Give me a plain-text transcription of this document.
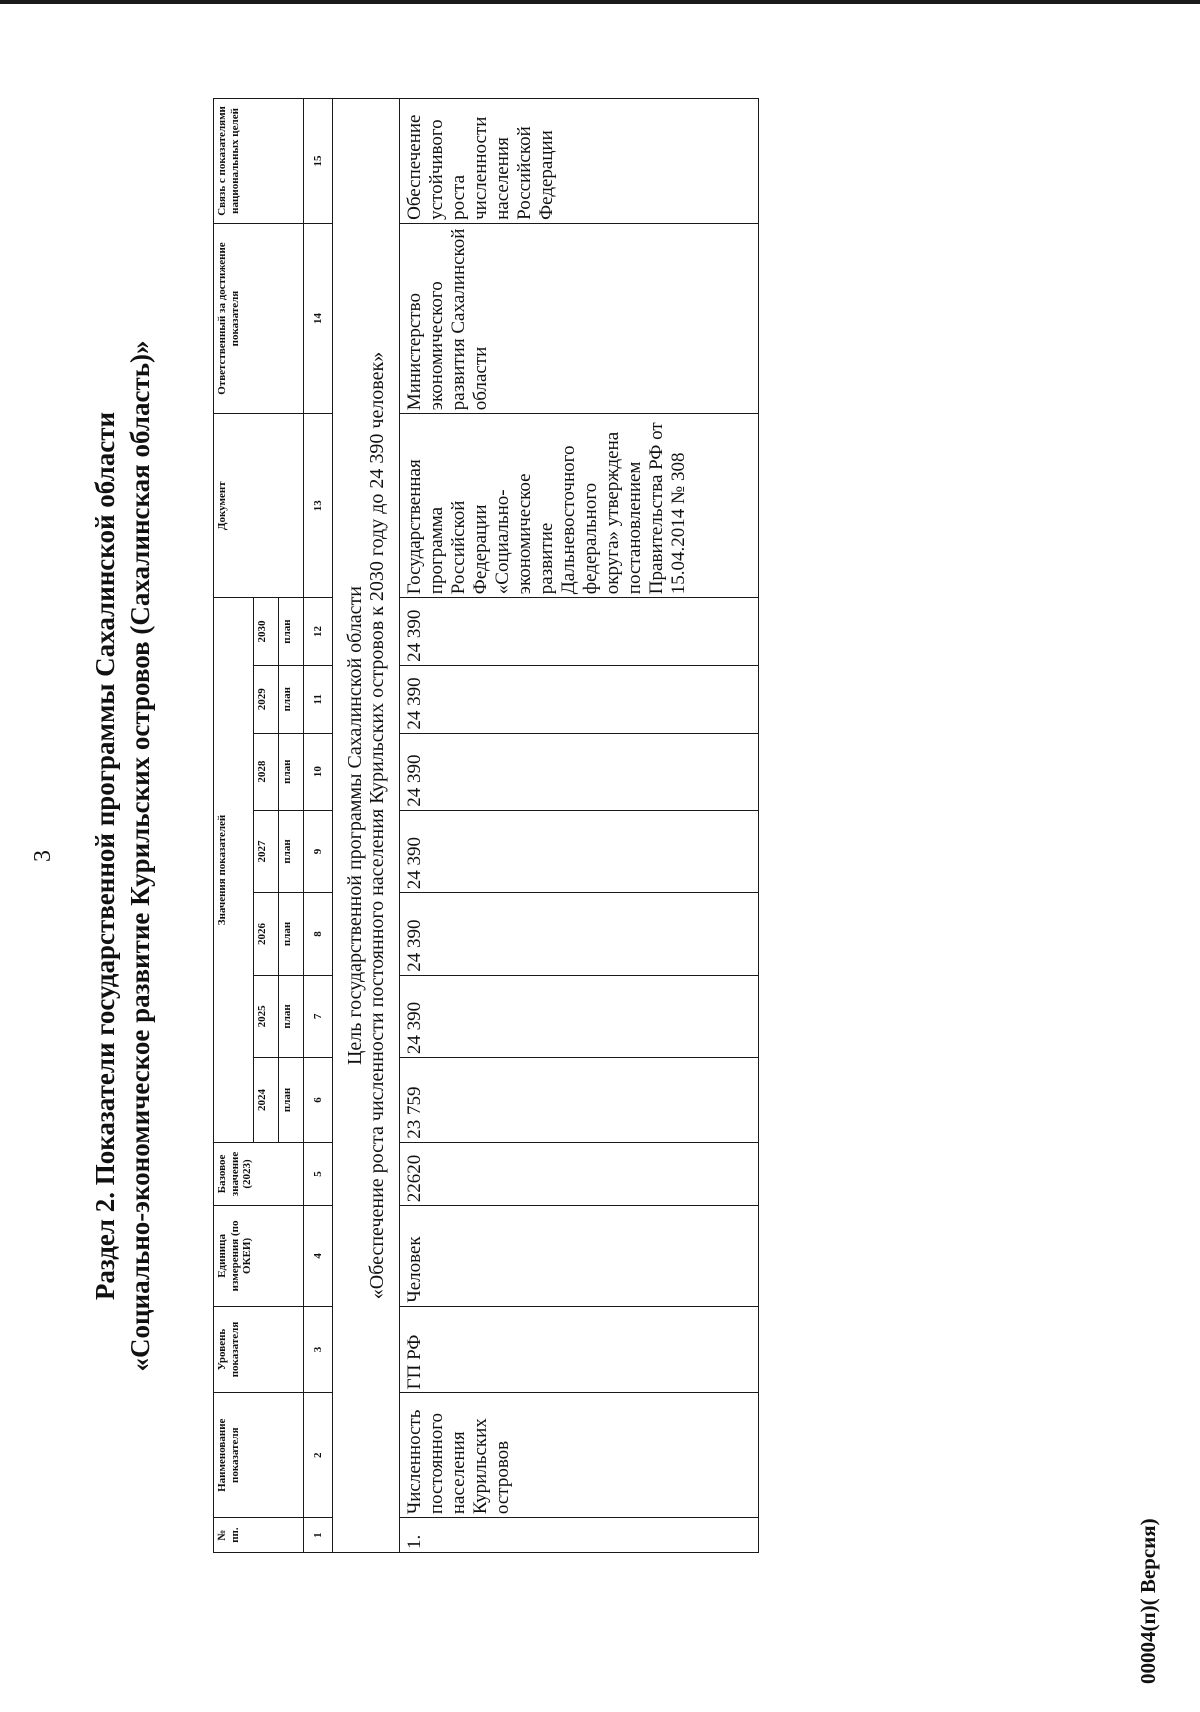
3 Раздел 2. Показатели государственной программы Сахалинской области «Социально-экономическое развитие Курильских островов (Сахалинская область)»
№ пп.	Наименование показателя	Уровень показателя	Единица измерения (по ОКЕИ)	Базовое значение (2023)	Значения показателей							Документ	Ответственный за достижение показателя	Связь с показателями национальных целей
					2024	2025	2026	2027	2028	2029	2030			
					план	план	план	план	план	план	план			
1	2	3	4	5	6	7	8	9	10	11	12	13	14	15

Цель государственной программы Сахалинской области «Обеспечение роста численности постоянного населения Курильских островов к 2030 году до 24 390 человек»														

1.	Численность постоянного населения Курильских островов	ГП РФ	Человек	22620	23 759	24 390	24 390	24 390	24 390	24 390	24 390	Государственная программа Российской Федерации «Социально-экономическое развитие Дальневосточного федерального округа» утверждена постановлением Правительства РФ от 15.04.2014 № 308	Министерство экономического развития Сахалинской области	Обеспечение устойчивого роста численности населения Российской Федерации
00004(п)( Версия)
